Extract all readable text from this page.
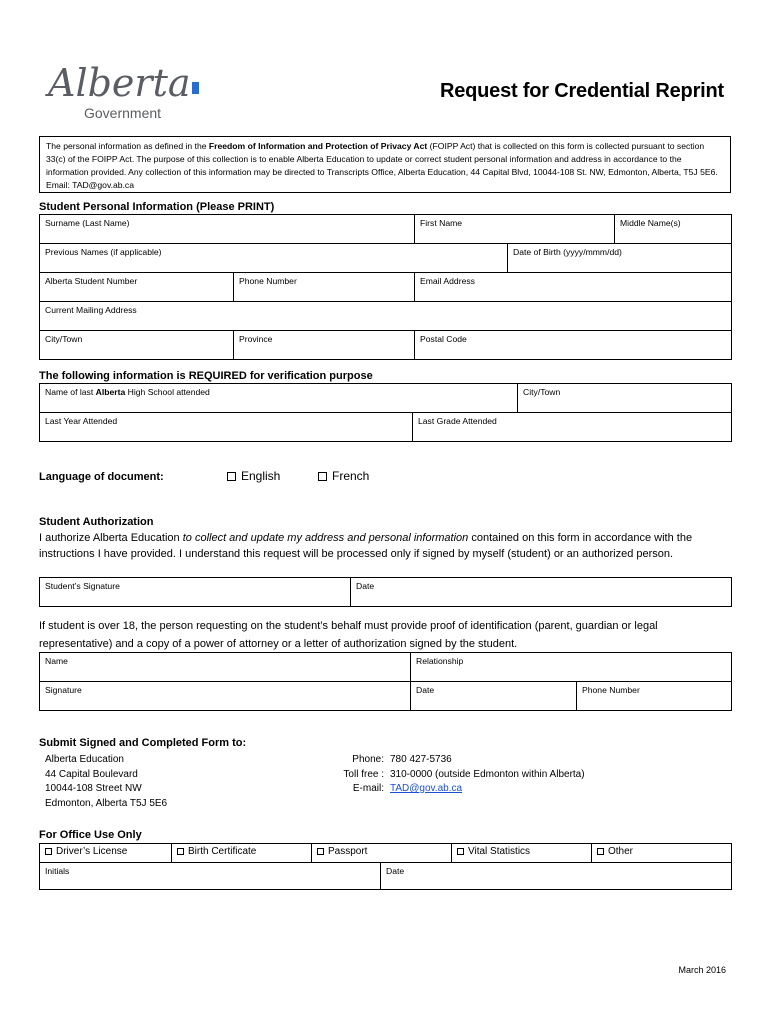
Alberta
Government
Request for Credential Reprint
The personal information as defined in the Freedom of Information and Protection of Privacy Act (FOIPP Act) that is collected on this form is collected pursuant to section 33(c) of the FOIPP Act. The purpose of this collection is to enable Alberta Education to update or correct student personal information and address in accordance to the information provided. Any collection of this information may be directed to Transcripts Office, Alberta Education, 44 Capital Blvd, 10044-108 St. NW, Edmonton, Alberta, T5J 5E6. Email: TAD@gov.ab.ca
Student Personal Information (Please PRINT)
Surname (Last Name)		First Name		Middle Name(s)
Previous Names (if applicable)			Date of Birth (yyyy/mmm/dd)	
Alberta Student Number	Phone Number	Email Address		
Current Mailing Address				
City/Town	Province	Postal Code		
The following information is REQUIRED for verification purpose
Name of last Alberta High School attended		City/Town
Last Year Attended	Last Grade Attended	
Language of document:	English	French
Student Authorization
I authorize Alberta Education to collect and update my address and personal information contained on this form in accordance with the instructions I have provided. I understand this request will be processed only if signed by myself (student) or an authorized person.
Student’s Signature	Date
If student is over 18, the person requesting on the student’s behalf must provide proof of identification (parent, guardian or legal representative) and a copy of a power of attorney or a letter of authorization signed by the student.
Name	Relationship	
Signature	Date	Phone Number
Submit Signed and Completed Form to:
Alberta Education
44 Capital Boulevard
10044-108 Street NW
Edmonton, Alberta T5J 5E6
Phone: 780 427-5736
Toll free : 310-0000 (outside Edmonton within Alberta)
E-mail: TAD@gov.ab.ca
For Office Use Only
Driver’s License	Birth Certificate	Passport		Vital Statistics	Other

Initials			Date		
March 2016
